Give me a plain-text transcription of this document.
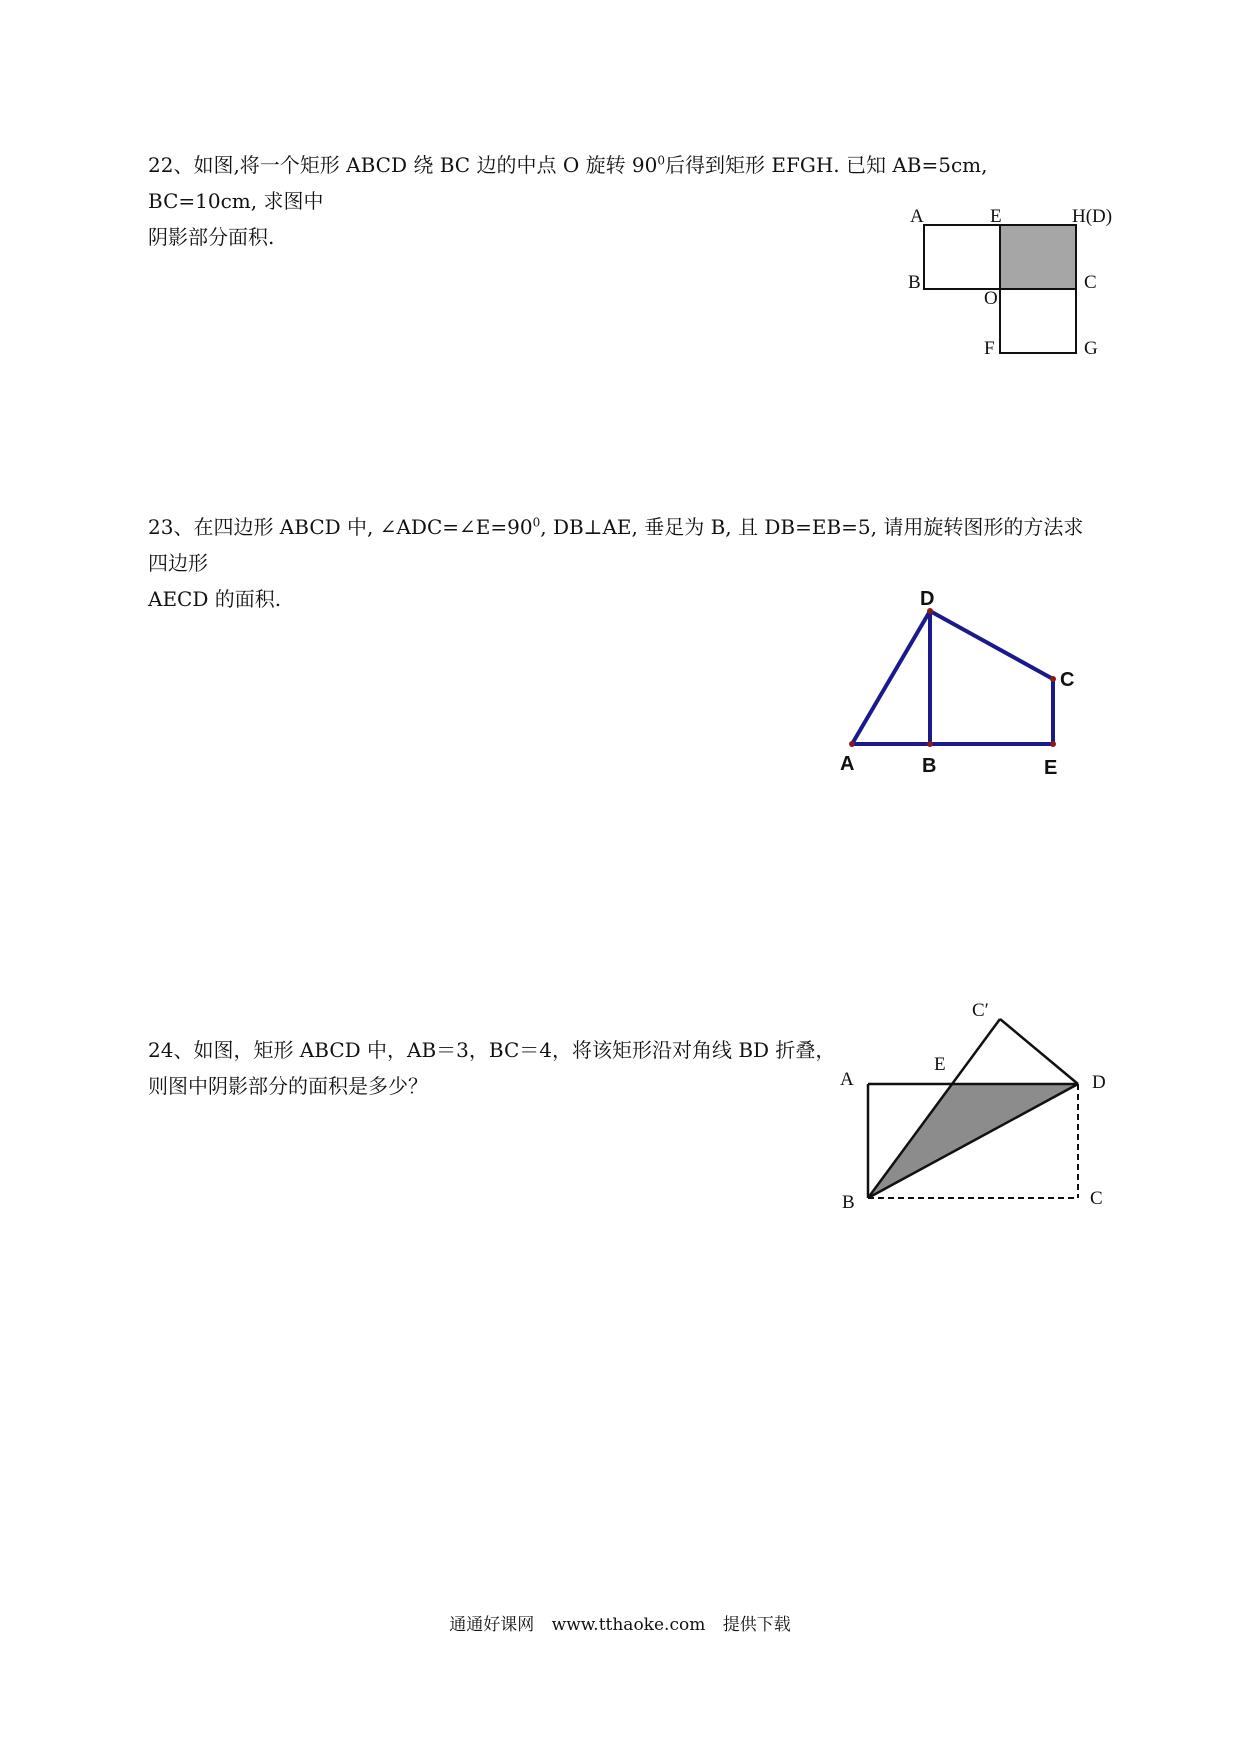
22、如图,将一个矩形 ABCD 绕 BC 边的中点 O 旋转 $90^0$后得到矩形 EFGH. 已知 AB=5cm, BC=10cm, 求图中

阴影部分面积.

A	E	H(D)
B
O
C
F	G

23、在四边形 ABCD 中, $\angle ADC=\angle E=90^0$, DB⊥AE, 垂足为 B, 且 DB=EB=5, 请用旋转图形的方法求四边形

AECD 的面积.	D
C
A	B	E

24、如图，矩形 ABCD 中，AB＝3，BC＝4，将该矩形沿对角线 BD 折叠，

则图中阴影部分的面积是多少？

C′
A
E
D
B	C
通通好课网 www.tthaoke.com 提供下载
